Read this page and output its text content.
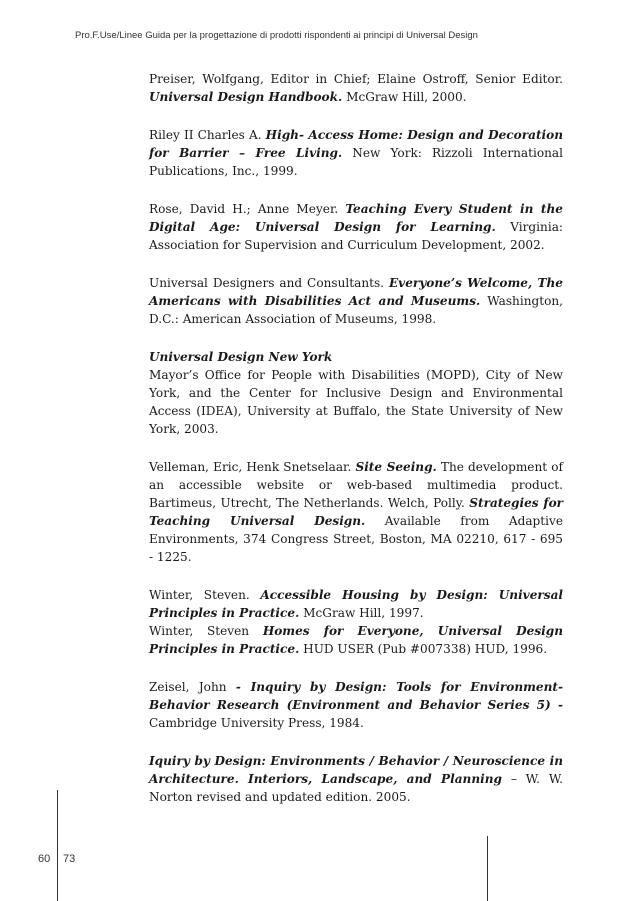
Pro.F.Use/Linee Guida per la progettazione di prodotti rispondenti ai principi di Universal Design

Preiser, Wolfgang, Editor in Chief; Elaine Ostroff, Senior Editor. Universal Design Handbook. McGraw Hill, 2000.

Riley II Charles A. High- Access Home: Design and Decoration for Barrier – Free Living. New York: Rizzoli International Publications, Inc., 1999.

Rose, David H.; Anne Meyer. Teaching Every Student in the Digital Age: Universal Design for Learning. Virginia: Association for Supervision and Curriculum Development, 2002.

Universal Designers and Consultants. Everyone’s Welcome, The Americans with Disabilities Act and Museums. Washington, D.C.: American Association of Museums, 1998.

Universal Design New York

Mayor’s Office for People with Disabilities (MOPD), City of New York, and the Center for Inclusive Design and Environmental Access (IDEA), University at Buffalo, the State University of New York, 2003.

Velleman, Eric, Henk Snetselaar. Site Seeing. The development of an accessible website or web-based multimedia product. Bartimeus, Utrecht, The Netherlands. Welch, Polly. Strategies for Teaching Universal Design. Available from Adaptive Environments, 374 Congress Street, Boston, MA 02210, 617 - 695 - 1225.

Winter, Steven. Accessible Housing by Design: Universal Principles in Practice. McGraw Hill, 1997.

Winter, Steven Homes for Everyone, Universal Design Principles in Practice. HUD USER (Pub #007338) HUD, 1996.

Zeisel, John - Inquiry by Design: Tools for Environment-Behavior Research (Environment and Behavior Series 5) - Cambridge University Press, 1984.

Iquiry by Design: Environments / Behavior / Neuroscience in Architecture. Interiors, Landscape, and Planning – W. W. Norton revised and updated edition. 2005.

60 73
